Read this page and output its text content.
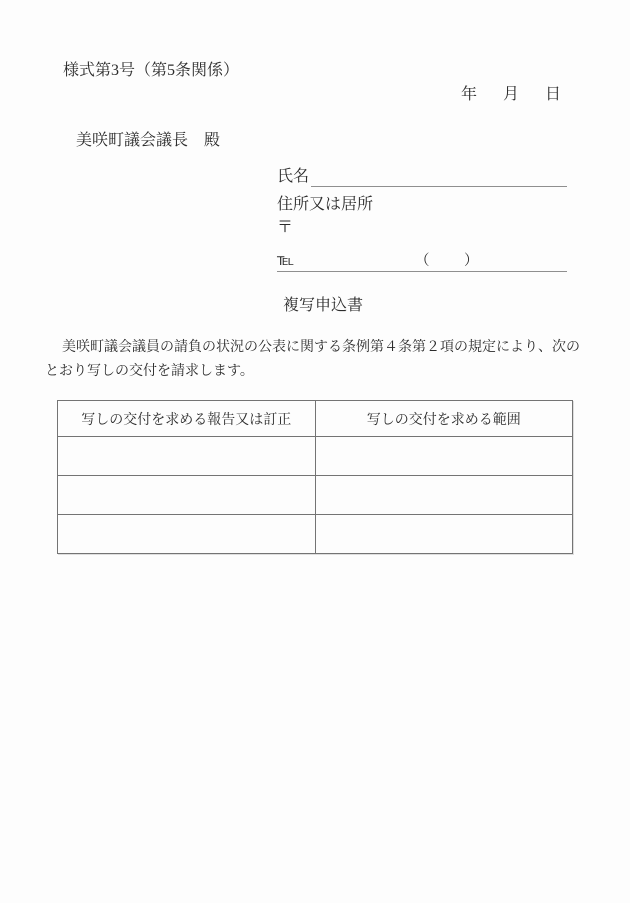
様式第3号（第5条関係）
年 月 日
美咲町議会議長　殿
氏名
住所又は居所
〒
℡	（ ）
複写申込書
美咲町議会議員の請負の状況の公表に関する条例第４条第２項の規定により、次の
とおり写しの交付を請求します。
写しの交付を求める報告又は訂正	写しの交付を求める範囲
